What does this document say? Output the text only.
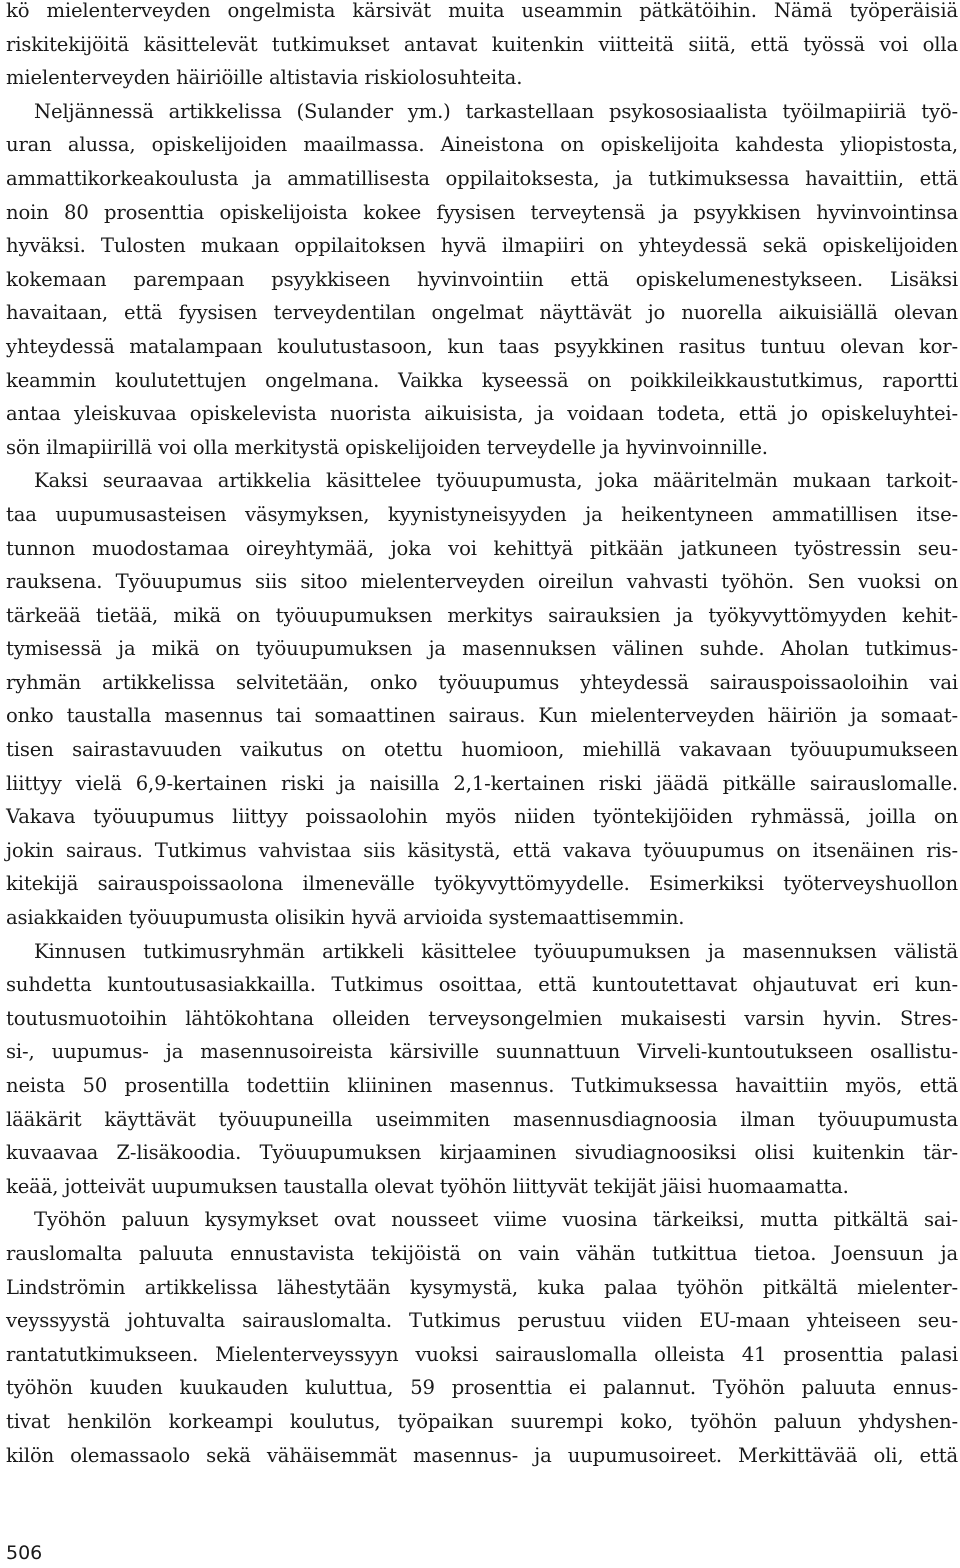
kö mielenterveyden ongelmista kärsivät muita useammin pätkätöihin. Nämä työperäisiä
riskitekijöitä käsittelevät tutkimukset antavat kuitenkin viitteitä siitä, että työssä voi olla
mielenterveyden häiriöille altistavia riskiolosuhteita.

Neljännessä artikkelissa (Sulander ym.) tarkastellaan psykososiaalista työilmapiiriä työ-
uran alussa, opiskelijoiden maailmassa. Aineistona on opiskelijoita kahdesta yliopistosta,
ammattikorkeakoulusta ja ammatillisesta oppilaitoksesta, ja tutkimuksessa havaittiin, että
noin 80 prosenttia opiskelijoista kokee fyysisen terveytensä ja psyykkisen hyvinvointinsa
hyväksi. Tulosten mukaan oppilaitoksen hyvä ilmapiiri on yhteydessä sekä opiskelijoiden
kokemaan parempaan psyykkiseen hyvinvointiin että opiskelumenestykseen. Lisäksi
havaitaan, että fyysisen terveydentilan ongelmat näyttävät jo nuorella aikuisiällä olevan
yhteydessä matalampaan koulutustasoon, kun taas psyykkinen rasitus tuntuu olevan kor-
keammin koulutettujen ongelmana. Vaikka kyseessä on poikkileikkaustutkimus, raportti
antaa yleiskuvaa opiskelevista nuorista aikuisista, ja voidaan todeta, että jo opiskeluyhtei-
sön ilmapiirillä voi olla merkitystä opiskelijoiden terveydelle ja hyvinvoinnille.

Kaksi seuraavaa artikkelia käsittelee työuupumusta, joka määritelmän mukaan tarkoit-
taa uupumusasteisen väsymyksen, kyynistyneisyyden ja heikentyneen ammatillisen itse-
tunnon muodostamaa oireyhtymää, joka voi kehittyä pitkään jatkuneen työstressin seu-
rauksena. Työuupumus siis sitoo mielenterveyden oireilun vahvasti työhön. Sen vuoksi on
tärkeää tietää, mikä on työuupumuksen merkitys sairauksien ja työkyvyttömyyden kehit-
tymisessä ja mikä on työuupumuksen ja masennuksen välinen suhde. Aholan tutkimus-
ryhmän artikkelissa selvitetään, onko työuupumus yhteydessä sairauspoissaoloihin vai
onko taustalla masennus tai somaattinen sairaus. Kun mielenterveyden häiriön ja somaat-
tisen sairastavuuden vaikutus on otettu huomioon, miehillä vakavaan työuupumukseen
liittyy vielä 6,9-kertainen riski ja naisilla 2,1-kertainen riski jäädä pitkälle sairauslomalle.
Vakava työuupumus liittyy poissaolohin myös niiden työntekijöiden ryhmässä, joilla on
jokin sairaus. Tutkimus vahvistaa siis käsitystä, että vakava työuupumus on itsenäinen ris-
kitekijä sairauspoissaolona ilmenevälle työkyvyttömyydelle. Esimerkiksi työterveyshuollon
asiakkaiden työuupumusta olisikin hyvä arvioida systemaattisemmin.

Kinnusen tutkimusryhmän artikkeli käsittelee työuupumuksen ja masennuksen välistä
suhdetta kuntoutusasiakkailla. Tutkimus osoittaa, että kuntoutettavat ohjautuvat eri kun-
toutusmuotoihin lähtökohtana olleiden terveysongelmien mukaisesti varsin hyvin. Stres-
si-, uupumus- ja masennusoireista kärsiville suunnattuun Virveli-kuntoutukseen osallistu-
neista 50 prosentilla todettiin kliininen masennus. Tutkimuksessa havaittiin myös, että
lääkärit käyttävät työuupuneilla useimmiten masennusdiagnoosia ilman työuupumusta
kuvaavaa Z-lisäkoodia. Työuupumuksen kirjaaminen sivudiagnoosiksi olisi kuitenkin tär-
keää, jotteivät uupumuksen taustalla olevat työhön liittyvät tekijät jäisi huomaamatta.

Työhön paluun kysymykset ovat nousseet viime vuosina tärkeiksi, mutta pitkältä sai-
rauslomalta paluuta ennustavista tekijöistä on vain vähän tutkittua tietoa. Joensuun ja
Lindströmin artikkelissa lähestytään kysymystä, kuka palaa työhön pitkältä mielenter-
veyssyystä johtuvalta sairauslomalta. Tutkimus perustuu viiden EU-maan yhteiseen seu-
rantatutkimukseen. Mielenterveyssyyn vuoksi sairauslomalla olleista 41 prosenttia palasi
työhön kuuden kuukauden kuluttua, 59 prosenttia ei palannut. Työhön paluuta ennus-
tivat henkilön korkeampi koulutus, työpaikan suurempi koko, työhön paluun yhdyshen-
kilön olemassaolo sekä vähäisemmät masennus- ja uupumusoireet. Merkittävää oli, että

506
